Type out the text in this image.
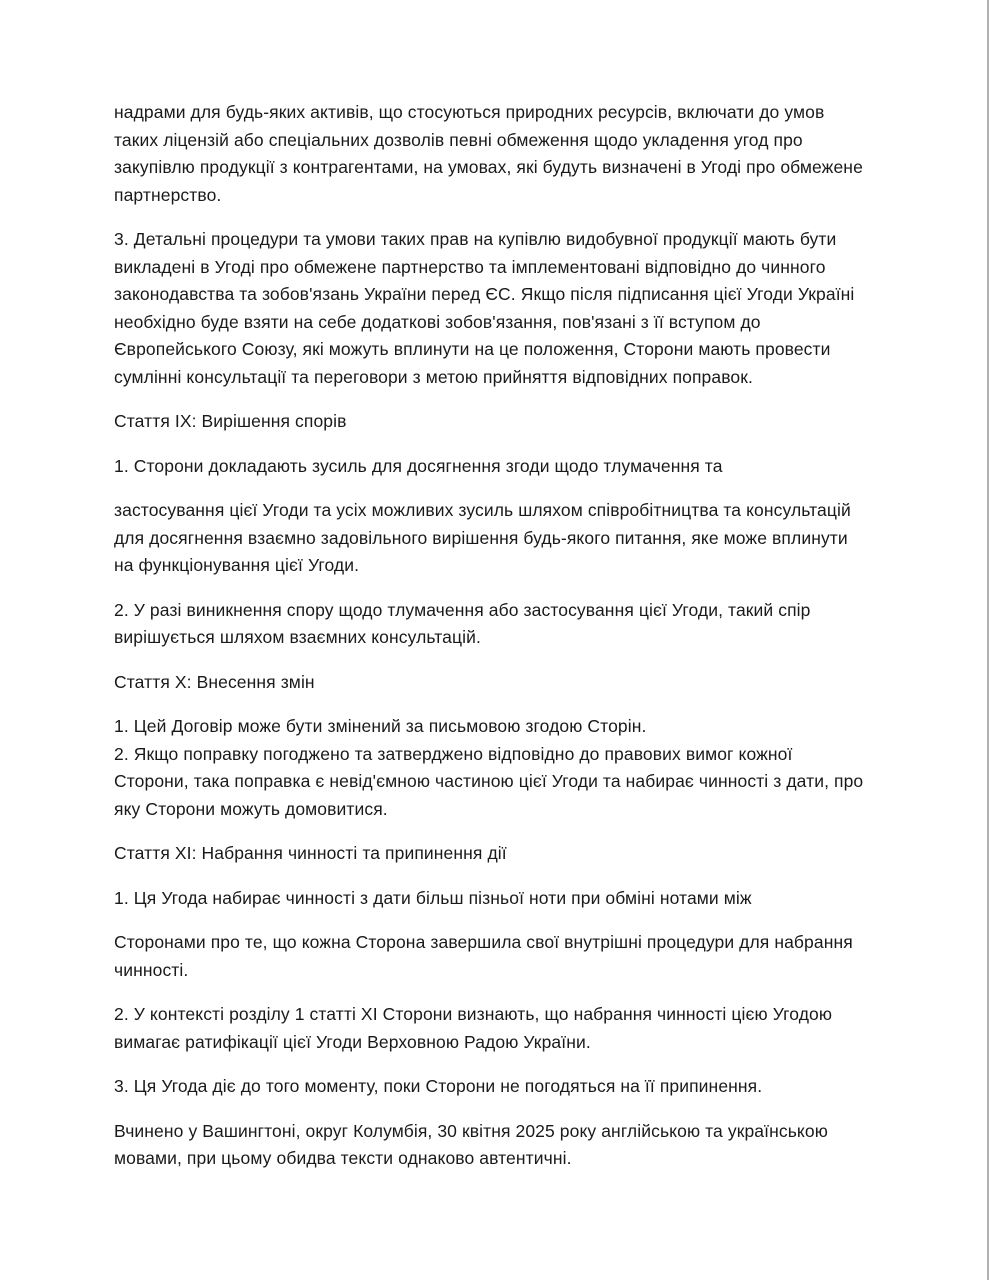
надрами для будь-яких активів, що стосуються природних ресурсів, включати до умов
таких ліцензій або спеціальних дозволів певні обмеження щодо укладення угод про
закупівлю продукції з контрагентами, на умовах, які будуть визначені в Угоді про обмежене
партнерство.

3. Детальні процедури та умови таких прав на купівлю видобувної продукції мають бути
викладені в Угоді про обмежене партнерство та імплементовані відповідно до чинного
законодавства та зобов'язань України перед ЄС. Якщо після підписання цієї Угоди Україні
необхідно буде взяти на себе додаткові зобов'язання, пов'язані з її вступом до
Європейського Союзу, які можуть вплинути на це положення, Сторони мають провести
сумлінні консультації та переговори з метою прийняття відповідних поправок.

Стаття IX: Вирішення спорів

1. Сторони докладають зусиль для досягнення згоди щодо тлумачення та

застосування цієї Угоди та усіх можливих зусиль шляхом співробітництва та консультацій
для досягнення взаємно задовільного вирішення будь-якого питання, яке може вплинути
на функціонування цієї Угоди.

2. У разі виникнення спору щодо тлумачення або застосування цієї Угоди, такий спір
вирішується шляхом взаємних консультацій.

Стаття X: Внесення змін

1. Цей Договір може бути змінений за письмовою згодою Сторін.
2. Якщо поправку погоджено та затверджено відповідно до правових вимог кожної
Сторони, така поправка є невід'ємною частиною цієї Угоди та набирає чинності з дати, про
яку Сторони можуть домовитися.

Стаття XI: Набрання чинності та припинення дії

1. Ця Угода набирає чинності з дати більш пізньої ноти при обміні нотами між

Сторонами про те, що кожна Сторона завершила свої внутрішні процедури для набрання
чинності.

2. У контексті розділу 1 статті XI Сторони визнають, що набрання чинності цією Угодою
вимагає ратифікації цієї Угоди Верховною Радою України.

3. Ця Угода діє до того моменту, поки Сторони не погодяться на її припинення.

Вчинено у Вашингтоні, округ Колумбія, 30 квітня 2025 року англійською та українською
мовами, при цьому обидва тексти однаково автентичні.
